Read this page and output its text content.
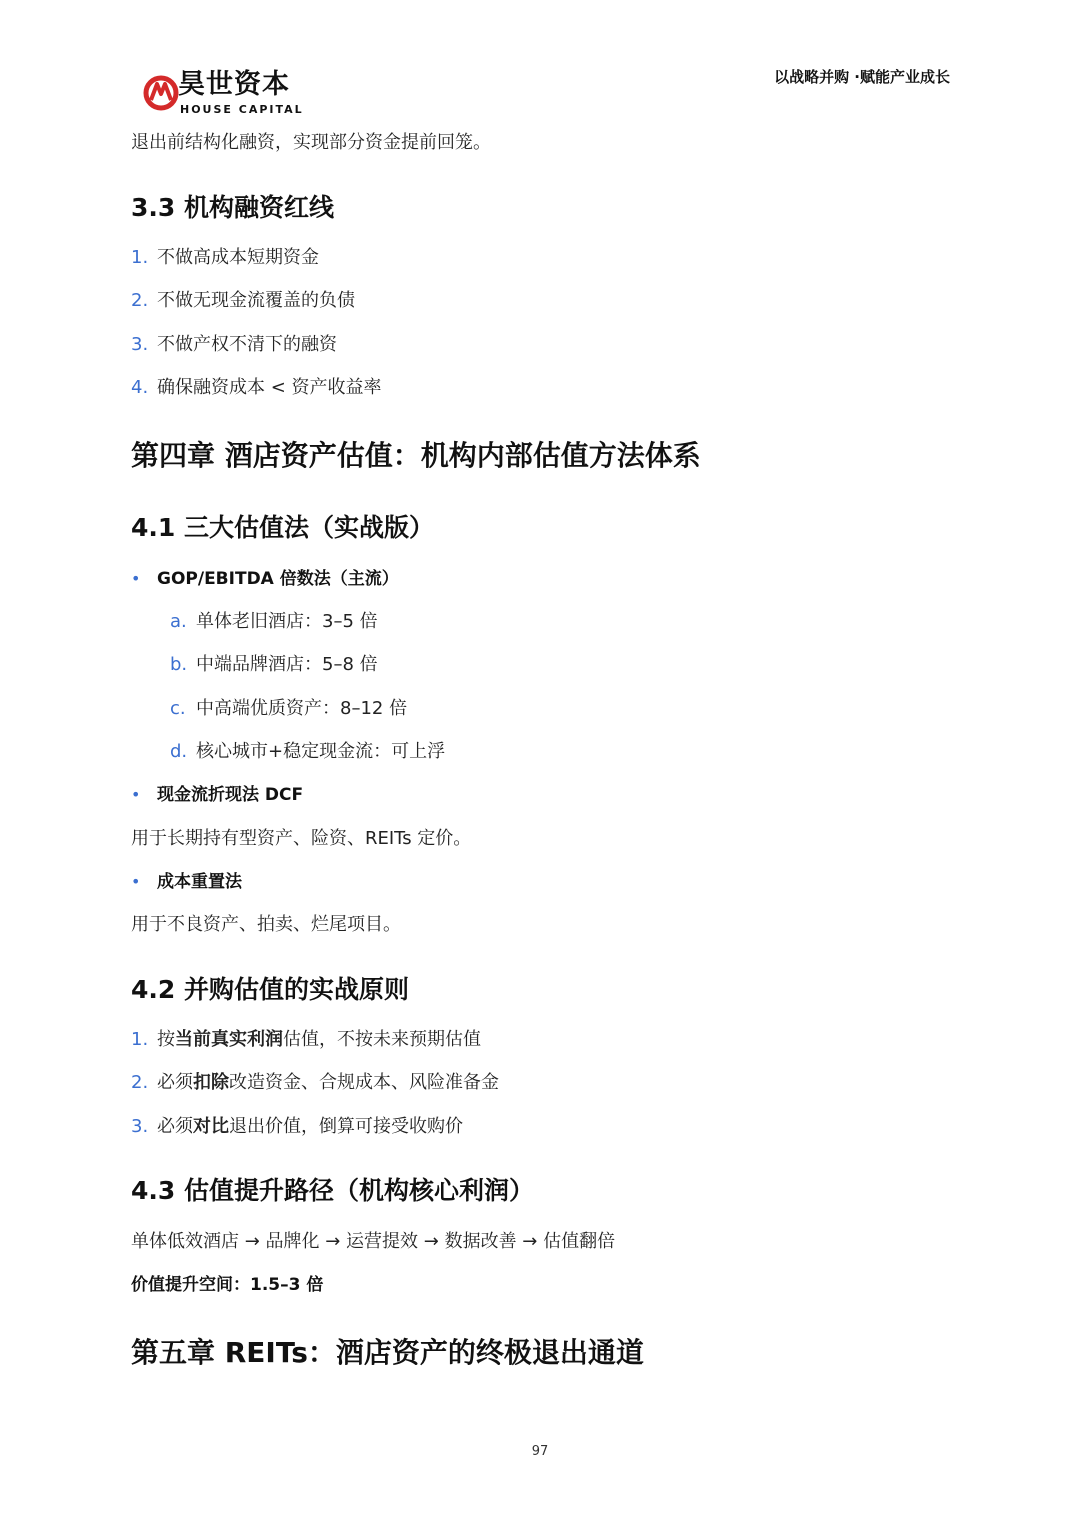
以战略并购 ·赋能产业成长
昊世资本
HOUSE CAPITAL
退出前结构化融资，实现部分资金提前回笼。
3.3 机构融资红线
1. 不做高成本短期资金
2. 不做无现金流覆盖的负债
3. 不做产权不清下的融资
4. 确保融资成本 < 资产收益率
第四章 酒店资产估值：机构内部估值方法体系
4.1 三大估值法（实战版）
• GOP/EBITDA 倍数法（主流）
a. 单体老旧酒店：3–5 倍
b. 中端品牌酒店：5–8 倍
c. 中高端优质资产：8–12 倍
d. 核心城市+稳定现金流：可上浮
• 现金流折现法 DCF
用于长期持有型资产、险资、REITs 定价。
• 成本重置法
用于不良资产、拍卖、烂尾项目。
4.2 并购估值的实战原则
1. 按当前真实利润估值，不按未来预期估值
2. 必须扣除改造资金、合规成本、风险准备金
3. 必须对比退出价值，倒算可接受收购价
4.3 估值提升路径（机构核心利润）
单体低效酒店 → 品牌化 → 运营提效 → 数据改善 → 估值翻倍
价值提升空间：1.5–3 倍
第五章 REITs：酒店资产的终极退出通道
97
